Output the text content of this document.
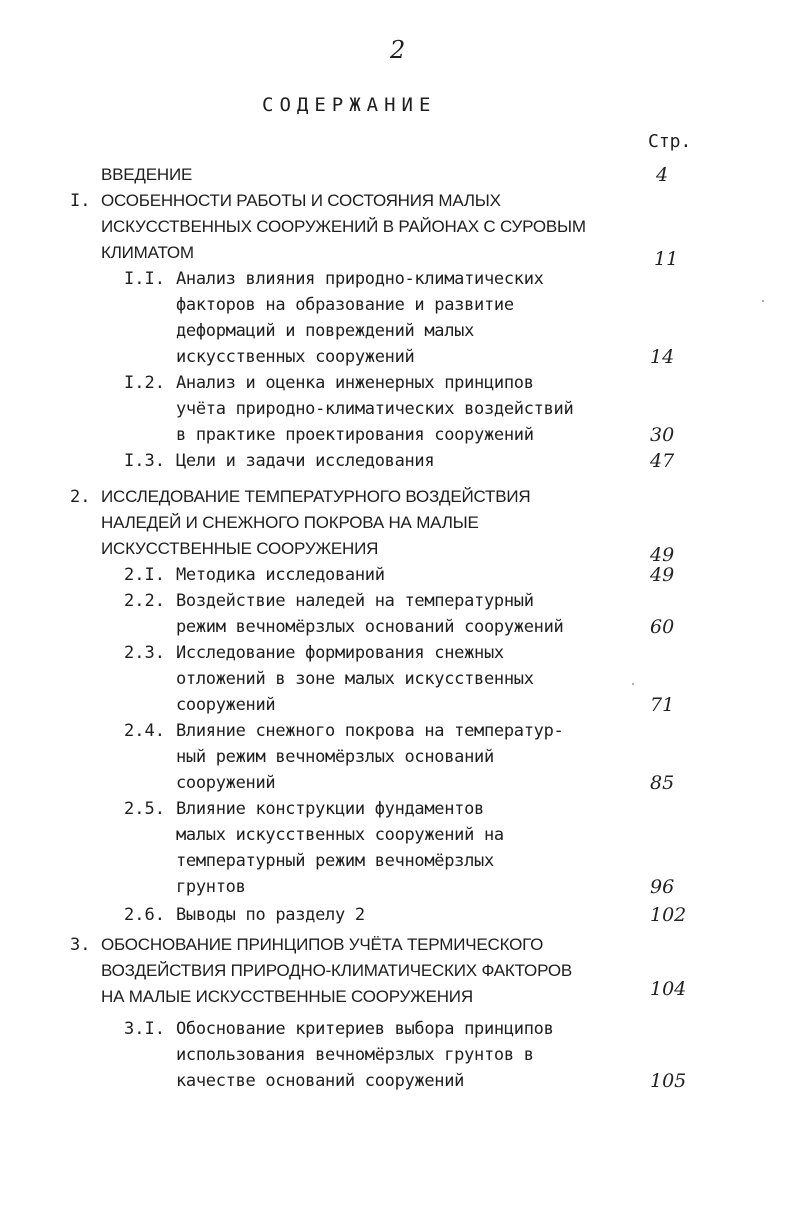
2
СОДЕРЖАНИЕ
Стр.
ВВЕДЕНИЕ	4
I. ОСОБЕННОСТИ РАБОТЫ И СОСТОЯНИЯ МАЛЫХ
ИСКУССТВЕННЫХ СООРУЖЕНИЙ В РАЙОНАХ С СУРОВЫМ
КЛИМАТОМ	11
I.I. Анализ влияния природно-климатических
факторов на образование и развитие
деформаций и повреждений малых
искусственных сооружений	14
I.2. Анализ и оценка инженерных принципов
учёта природно-климатических воздействий
в практике проектирования сооружений	30
I.3. Цели и задачи исследования	47
2. ИССЛЕДОВАНИЕ ТЕМПЕРАТУРНОГО ВОЗДЕЙСТВИЯ
НАЛЕДЕЙ И СНЕЖНОГО ПОКРОВА НА МАЛЫЕ
ИСКУССТВЕННЫЕ СООРУЖЕНИЯ	49
2.I. Методика исследований	49
2.2. Воздействие наледей на температурный
режим вечномёрзлых оснований сооружений	60
2.3. Исследование формирования снежных
отложений в зоне малых искусственных
сооружений	71
2.4. Влияние снежного покрова на температур-
ный режим вечномёрзлых оснований
сооружений	85
2.5. Влияние конструкции фундаментов
малых искусственных сооружений на
температурный режим вечномёрзлых
грунтов	96
2.6. Выводы по разделу 2	102
3. ОБОСНОВАНИЕ ПРИНЦИПОВ УЧЁТА ТЕРМИЧЕСКОГО
ВОЗДЕЙСТВИЯ ПРИРОДНО-КЛИМАТИЧЕСКИХ ФАКТОРОВ
НА МАЛЫЕ ИСКУССТВЕННЫЕ СООРУЖЕНИЯ	104
3.I. Обоснование критериев выбора принципов
использования вечномёрзлых грунтов в
качестве оснований сооружений	105
